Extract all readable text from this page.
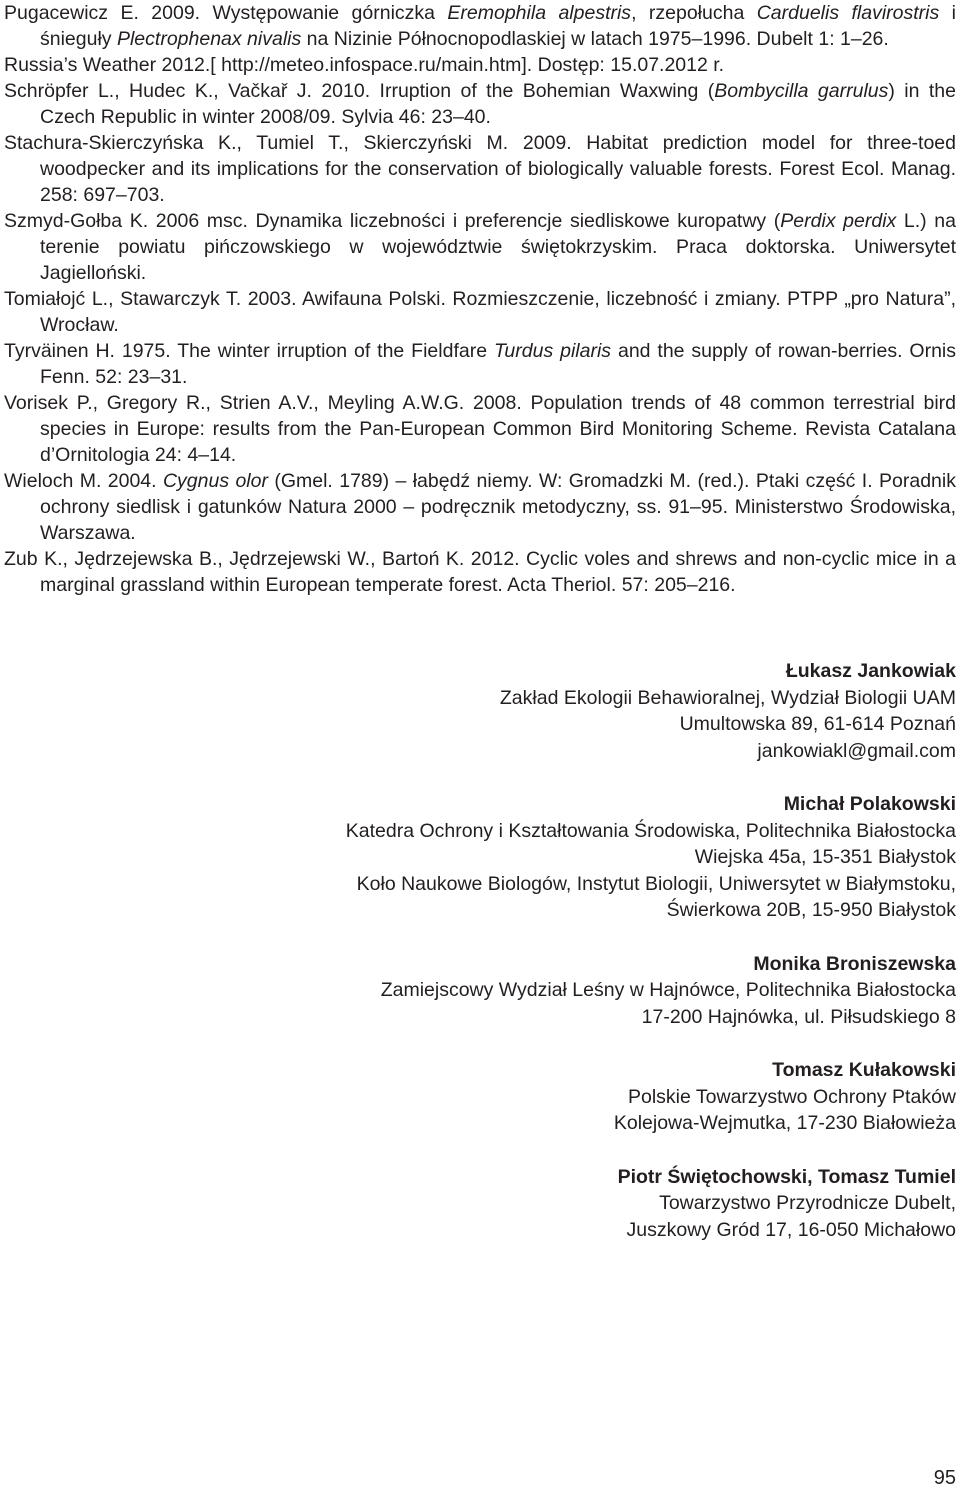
Pugacewicz E. 2009. Występowanie górniczka Eremophila alpestris, rzepołucha Carduelis flavirostris i śnieguły Plectrophenax nivalis na Nizinie Północnopodlaskiej w latach 1975–1996. Dubelt 1: 1–26.
Russia’s Weather 2012.[ http://meteo.infospace.ru/main.htm]. Dostęp: 15.07.2012 r.
Schröpfer L., Hudec K., Vačkař J. 2010. Irruption of the Bohemian Waxwing (Bombycilla garrulus) in the Czech Republic in winter 2008/09. Sylvia 46: 23–40.
Stachura-Skierczyńska K., Tumiel T., Skierczyński M. 2009. Habitat prediction model for three-toed woodpecker and its implications for the conservation of biologically valuable forests. Forest Ecol. Manag. 258: 697–703.
Szmyd-Gołba K. 2006 msc. Dynamika liczebności i preferencje siedliskowe kuropatwy (Perdix perdix L.) na terenie powiatu pińczowskiego w województwie świętokrzyskim. Praca doktorska. Uniwersytet Jagielloński.
Tomiałojć L., Stawarczyk T. 2003. Awifauna Polski. Rozmieszczenie, liczebność i zmiany. PTPP „pro Natura”, Wrocław.
Tyrväinen H. 1975. The winter irruption of the Fieldfare Turdus pilaris and the supply of rowan-berries. Ornis Fenn. 52: 23–31.
Vorisek P., Gregory R., Strien A.V., Meyling A.W.G. 2008. Population trends of 48 common terrestrial bird species in Europe: results from the Pan-European Common Bird Monitoring Scheme. Revista Catalana d’Ornitologia 24: 4–14.
Wieloch M. 2004. Cygnus olor (Gmel. 1789) – łabędź niemy. W: Gromadzki M. (red.). Ptaki część I. Poradnik ochrony siedlisk i gatunków Natura 2000 – podręcznik metodyczny, ss. 91–95. Ministerstwo Środowiska, Warszawa.
Zub K., Jędrzejewska B., Jędrzejewski W., Bartoń K. 2012. Cyclic voles and shrews and non-cyclic mice in a marginal grassland within European temperate forest. Acta Theriol. 57: 205–216.
Łukasz Jankowiak
Zakład Ekologii Behawioralnej, Wydział Biologii UAM
Umultowska 89, 61-614 Poznań
jankowiakl@gmail.com
Michał Polakowski
Katedra Ochrony i Kształtowania Środowiska, Politechnika Białostocka
Wiejska 45a, 15-351 Białystok
Koło Naukowe Biologów, Instytut Biologii, Uniwersytet w Białymstoku,
Świerkowa 20B, 15-950 Białystok
Monika Broniszewska
Zamiejscowy Wydział Leśny w Hajnówce, Politechnika Białostocka
17-200 Hajnówka, ul. Piłsudskiego 8
Tomasz Kułakowski
Polskie Towarzystwo Ochrony Ptaków
Kolejowa-Wejmutka, 17-230 Białowieża
Piotr Świętochowski, Tomasz Tumiel
Towarzystwo Przyrodnicze Dubelt,
Juszkowy Gród 17, 16-050 Michałowo
95
